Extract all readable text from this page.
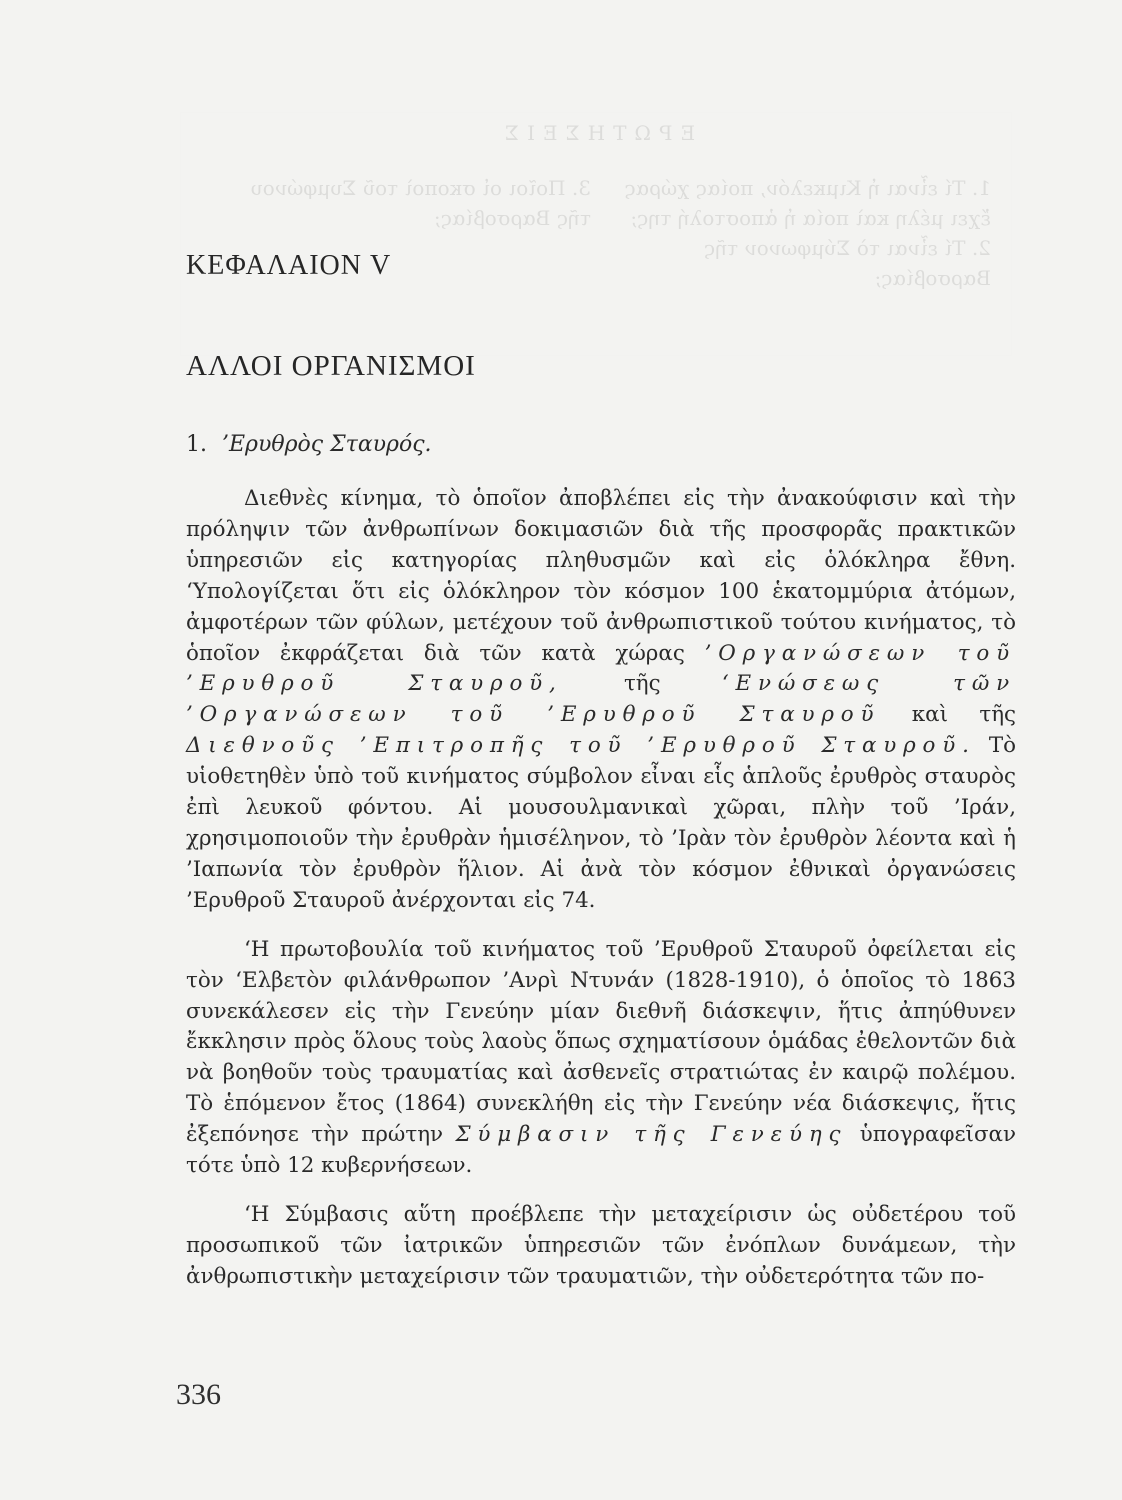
ΕΡΩΤΗΣΕΙΣ
1. Τί εἶναι ἡ Κιμκελόν, ποίας χώρας ἔχει μέλη καὶ ποία ἡ ἀποστολή της; 2. Τί εἶναι τὸ Σύμφωνον τῆς Βαρσοβίας;
3. Ποῖοι οἱ σκοποὶ τοῦ Συμφώνου τῆς Βαρσοβίας;
ΚΕΦΑΛΑΙΟΝ V
ΑΛΛΟΙ ΟΡΓΑΝΙΣΜΟΙ
1. ’Ερυθρὸς Σταυρός.

Διεθνὲς κίνημα, τὸ ὁποῖον ἀποβλέπει εἰς τὴν ἀνακούφισιν καὶ τὴν πρόληψιν τῶν ἀνθρωπίνων δοκιμασιῶν διὰ τῆς προσφορᾶς πρακτικῶν ὑπηρεσιῶν εἰς κατηγορίας πληθυσμῶν καὶ εἰς ὁλόκληρα ἔθνη. ‘Υπολογίζεται ὅτι εἰς ὁλόκληρον τὸν κόσμον 100 ἑκατομμύρια ἀτόμων, ἀμφοτέρων τῶν φύλων, μετέχουν τοῦ ἀνθρωπιστικοῦ τούτου κινήματος, τὸ ὁποῖον ἐκφράζεται διὰ τῶν κατὰ χώρας ’Οργανώσεων τοῦ ’Ερυθροῦ Σταυροῦ,	τῆς	‘Ενώσεως τῶν ’Οργανώσεων τοῦ ’Ερυθροῦ Σταυροῦ καὶ τῆς Διεθνοῦς ’Επιτροπῆς τοῦ ’Ερυθροῦ Σταυροῦ. Τὸ υἱοθετηθὲν ὑπὸ τοῦ κινήματος σύμβολον εἶναι εἷς ἁπλοῦς ἐρυθρὸς σταυρὸς ἐπὶ λευκοῦ φόντου. Αἱ μουσουλμανικαὶ χῶραι, πλὴν τοῦ ’Ιράν, χρησιμοποιοῦν τὴν ἐρυθρὰν ἡμισέληνον, τὸ ’Ιρὰν τὸν ἐρυθρὸν λέοντα καὶ ἡ ’Ιαπωνία τὸν ἐρυθρὸν ἥλιον. Αἱ ἀνὰ τὸν κόσμον ἐθνικαὶ ὀργανώσεις ’Ερυθροῦ Σταυροῦ ἀνέρχονται εἰς 74.

‘Η πρωτοβουλία τοῦ κινήματος τοῦ ’Ερυθροῦ Σταυροῦ ὀφείλεται εἰς τὸν ‘Ελβετὸν φιλάνθρωπον ’Ανρὶ Ντυνάν (1828-1910), ὁ ὁποῖος τὸ 1863 συνεκάλεσεν εἰς τὴν Γενεύην μίαν διεθνῆ διάσκεψιν, ἥτις ἀπηύθυνεν ἔκκλησιν πρὸς ὅλους τοὺς λαοὺς ὅπως σχηματίσουν ὁμάδας ἐθελοντῶν διὰ νὰ βοηθοῦν τοὺς τραυματίας καὶ ἀσθενεῖς στρατιώτας ἐν καιρῷ πολέμου. Τὸ ἑπόμενον ἔτος (1864) συνεκλήθη εἰς τὴν Γενεύην νέα διάσκεψις, ἥτις ἐξεπόνησε τὴν πρώτην Σύμβασιν τῆς Γενεύης ὑπογραφεῖσαν τότε ὑπὸ 12 κυβερνήσεων.

‘Η Σύμβασις αὕτη προέβλεπε τὴν μεταχείρισιν ὡς οὐδετέρου τοῦ προσωπικοῦ τῶν ἰατρικῶν ὑπηρεσιῶν τῶν ἐνόπλων δυνάμεων, τὴν ἀνθρωπιστικὴν μεταχείρισιν τῶν τραυματιῶν, τὴν οὐδετερότητα τῶν πο-

336
